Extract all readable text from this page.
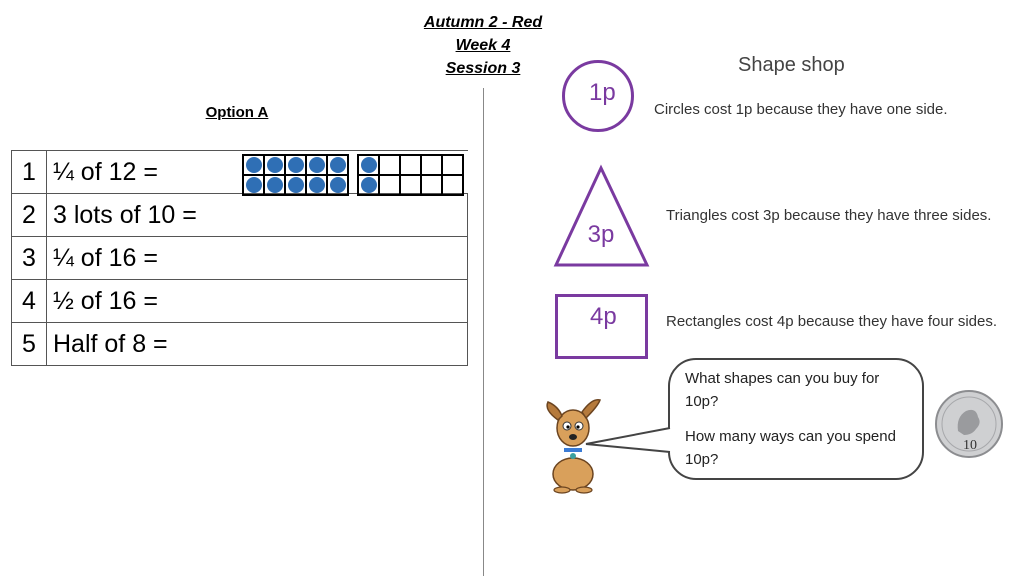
Autumn 2 - Red
Week 4
Session 3
Option A
1	¼ of 12 =
2	3 lots of 10 =
3	¼ of 16 =
4	½ of 16 =
5	Half of 8 =

Shape shop
1p
Circles cost 1p because they have one side.
3p
Triangles cost 3p because they have three sides.
4p	Rectangles cost 4p because they have four sides.
What shapes can you buy for 10p?
How many ways can you spend 10p?
10
